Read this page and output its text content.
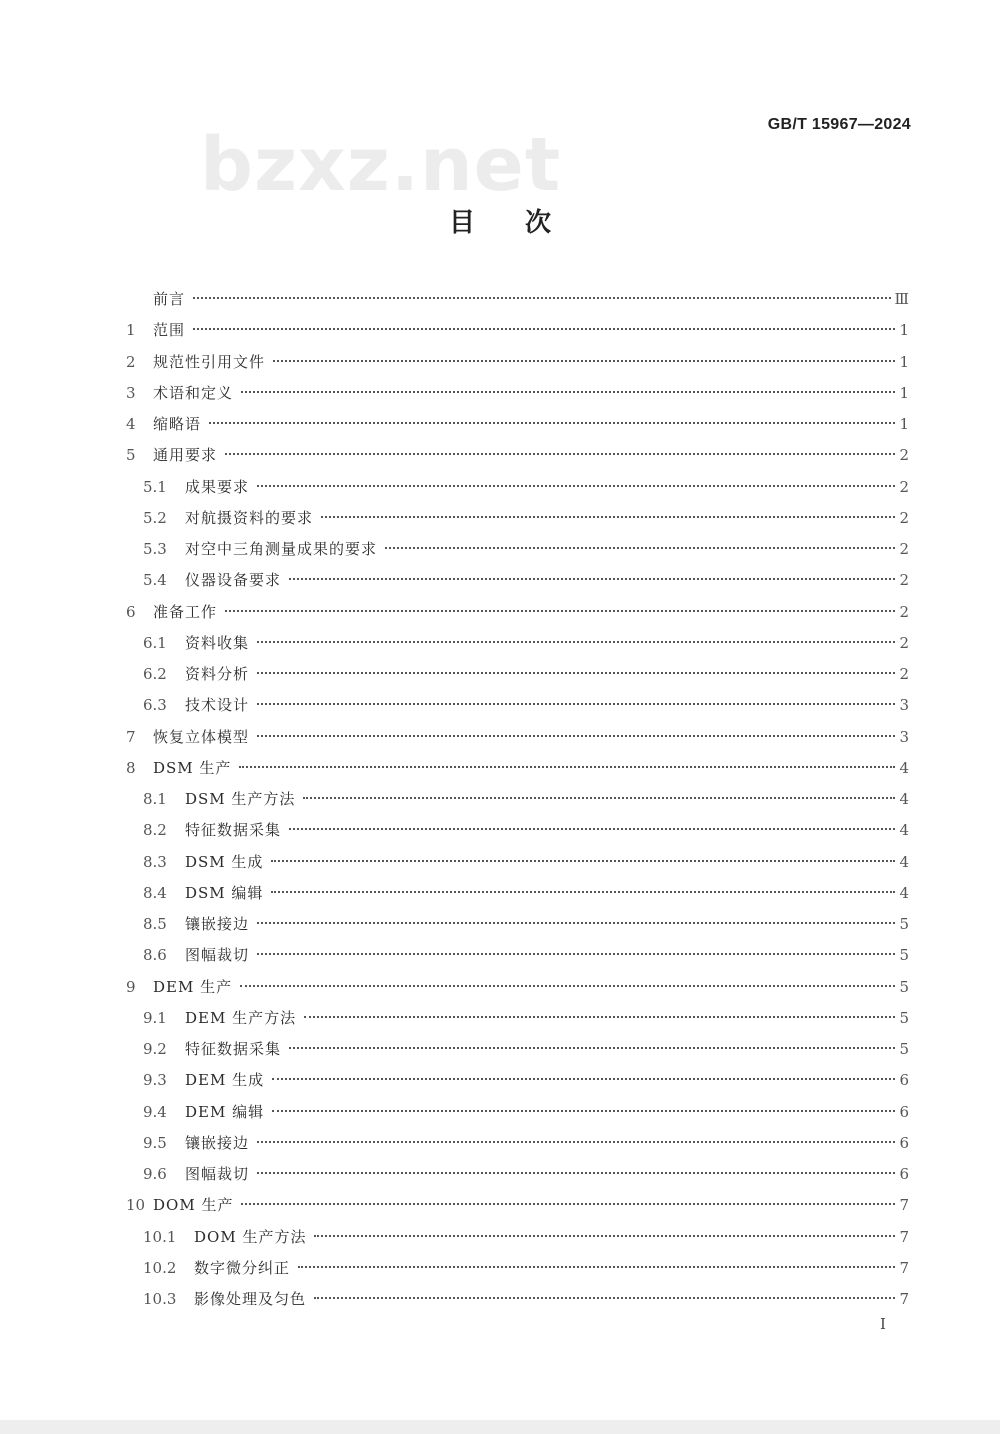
GB/T 15967—2024
bzxz.net
目次
前言	Ⅲ
1	范围	1
2	规范性引用文件	1
3	术语和定义	1
4	缩略语	1
5	通用要求	2
5.1	成果要求	2
5.2	对航摄资料的要求	2
5.3	对空中三角测量成果的要求	2
5.4	仪器设备要求	2
6	准备工作	2
6.1	资料收集	2
6.2	资料分析	2
6.3	技术设计	3
7	恢复立体模型	3
8	DSM 生产	4
8.1	DSM 生产方法	4
8.2	特征数据采集	4
8.3	DSM 生成	4
8.4	DSM 编辑	4
8.5	镶嵌接边	5
8.6	图幅裁切	5
9	DEM 生产	5
9.1	DEM 生产方法	5
9.2	特征数据采集	5
9.3	DEM 生成	6
9.4	DEM 编辑	6
9.5	镶嵌接边	6
9.6	图幅裁切	6
10 DOM 生产	7
10.1	DOM 生产方法	7
10.2	数字微分纠正	7
10.3	影像处理及匀色	7
I
